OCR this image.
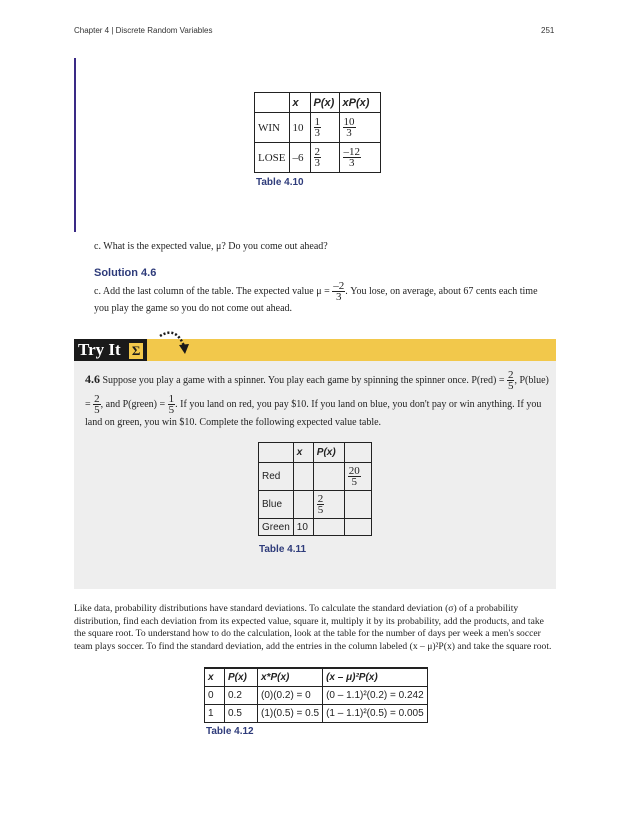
Chapter 4 | Discrete Random Variables	251
	x	P(x)	xP(x)
WIN	10	$\frac{1}{3}$	$\frac{10}{3}$

LOSE	–6	$\frac{2}{3}$	$\frac{-12}{3}$
Table 4.10
c. What is the expected value, μ? Do you come out ahead?
Solution 4.6
c. Add the last column of the table. The expected value $\mu = \frac{-2}{3}$ . You lose, on average, about 67 cents each time
you play the game so you do not come out ahead.
Try It Σ
4.6 Suppose you play a game with a spinner. You play each game by spinning the spinner once. $P(red) = \frac{2}{5}$ , P(blue)
= $\frac{2}{5}$ , and P(green) = $\frac{1}{5}$ . If you land on red, you pay $10. If you land on blue, you don't pay or win anything. If you
land on green, you win $10. Complete the following expected value table.
	x	P(x)	
Red			$\frac{20}{5}$

Blue		$\frac{2}{5}$

Green	10		
Table 4.11
Like data, probability distributions have standard deviations. To calculate the standard deviation (σ) of a probability
distribution, find each deviation from its expected value, square it, multiply it by its probability, add the products, and take
the square root. To understand how to do the calculation, look at the table for the number of days per week a men's soccer
team plays soccer. To find the standard deviation, add the entries in the column labeled (x – μ)²P(x) and take the square root.
x	P(x)	x*P(x)	(x – μ)²P(x)
0	0.2	(0)(0.2) = 0	(0 – 1.1)²(0.2) = 0.242
1	0.5	(1)(0.5) = 0.5	(1 – 1.1)²(0.5) = 0.005
Table 4.12
